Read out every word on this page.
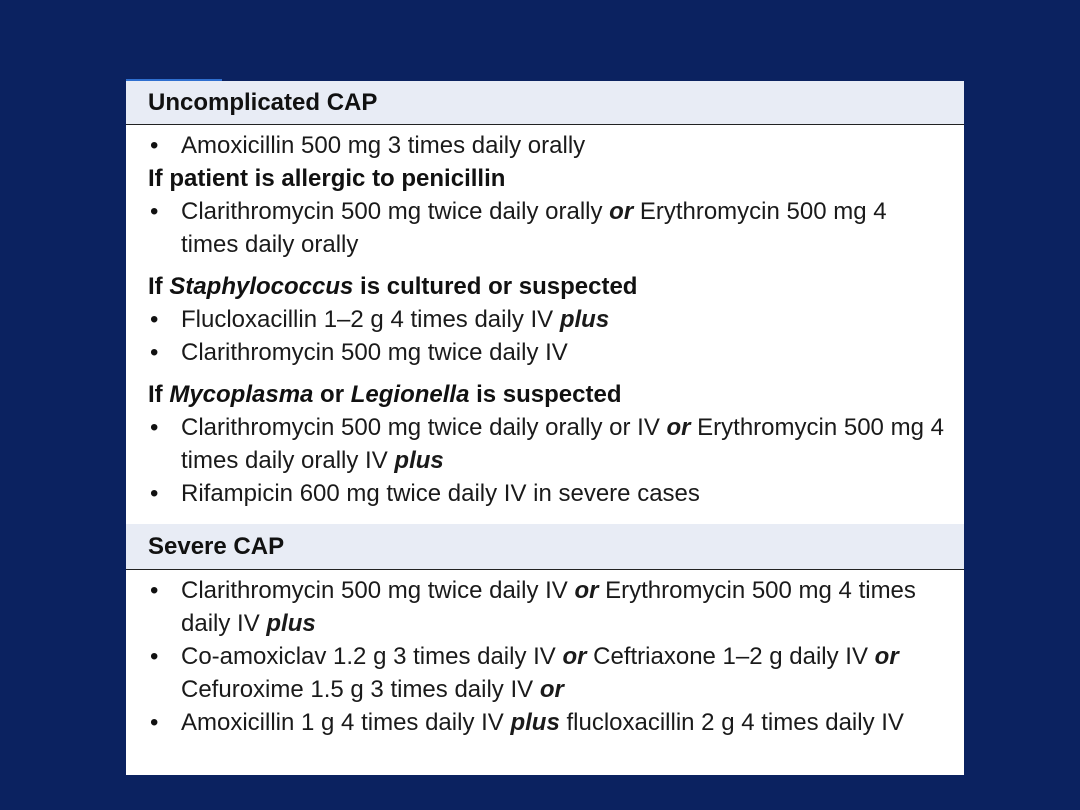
Uncomplicated CAP
• Amoxicillin 500 mg 3 times daily orally
If patient is allergic to penicillin
• Clarithromycin 500 mg twice daily orally or Erythromycin 500 mg 4 times daily orally
If Staphylococcus is cultured or suspected
• Flucloxacillin 1–2 g 4 times daily IV plus
• Clarithromycin 500 mg twice daily IV
If Mycoplasma or Legionella is suspected
• Clarithromycin 500 mg twice daily orally or IV or Erythromycin 500 mg 4 times daily orally IV plus
• Rifampicin 600 mg twice daily IV in severe cases
Severe CAP
• Clarithromycin 500 mg twice daily IV or Erythromycin 500 mg 4 times daily IV plus
• Co-amoxiclav 1.2 g 3 times daily IV or Ceftriaxone 1–2 g daily IV or Cefuroxime 1.5 g 3 times daily IV or
• Amoxicillin 1 g 4 times daily IV plus flucloxacillin 2 g 4 times daily IV
